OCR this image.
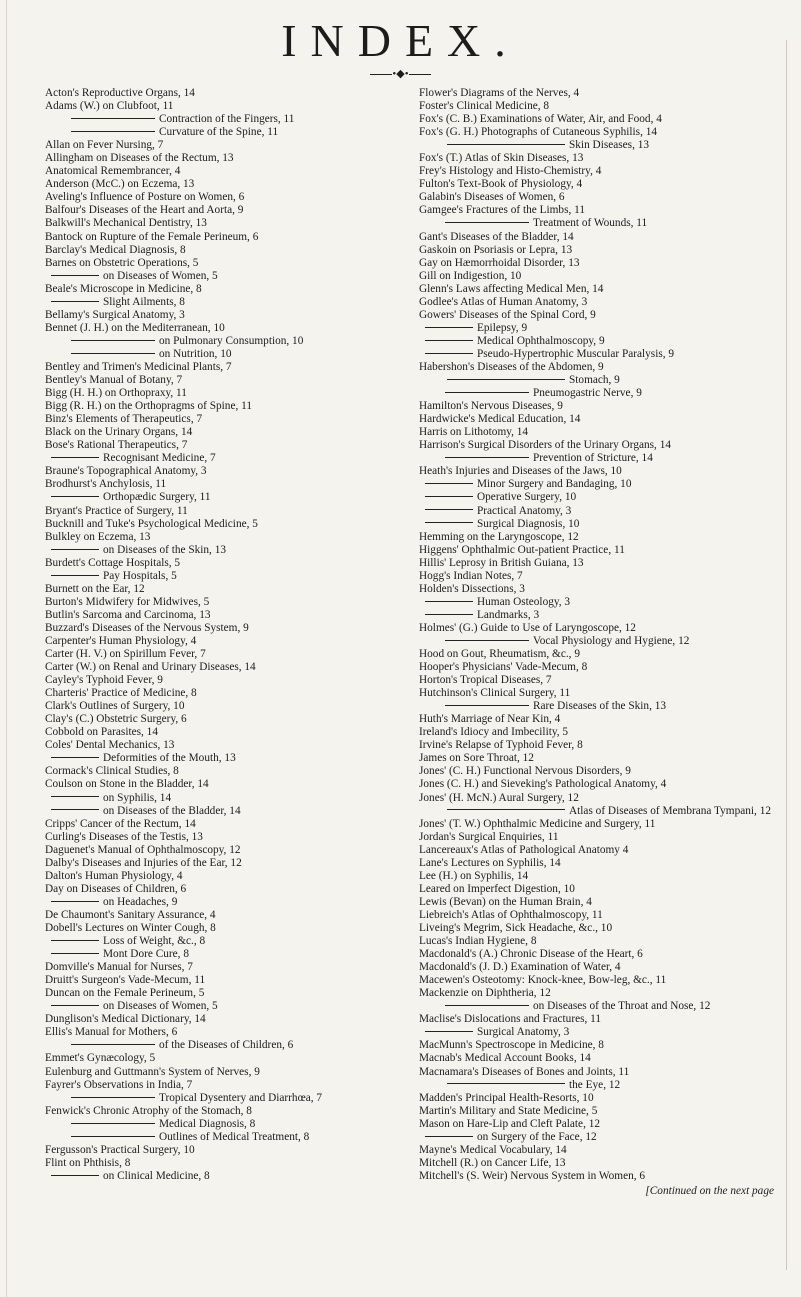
INDEX.
•◆•
Acton's Reproductive Organs, 14
Adams (W.) on Clubfoot, 11
Contraction of the Fingers, 11
Curvature of the Spine, 11
Allan on Fever Nursing, 7
Allingham on Diseases of the Rectum, 13
Anatomical Remembrancer, 4
Anderson (McC.) on Eczema, 13
Aveling's Influence of Posture on Women, 6
Balfour's Diseases of the Heart and Aorta, 9
Balkwill's Mechanical Dentistry, 13
Bantock on Rupture of the Female Perineum, 6
Barclay's Medical Diagnosis, 8
Barnes on Obstetric Operations, 5
on Diseases of Women, 5
Beale's Microscope in Medicine, 8
Slight Ailments, 8
Bellamy's Surgical Anatomy, 3
Bennet (J. H.) on the Mediterranean, 10
on Pulmonary Consumption, 10
on Nutrition, 10
Bentley and Trimen's Medicinal Plants, 7
Bentley's Manual of Botany, 7
Bigg (H. H.) on Orthopraxy, 11
Bigg (R. H.) on the Orthopragms of Spine, 11
Binz's Elements of Therapeutics, 7
Black on the Urinary Organs, 14
Bose's Rational Therapeutics, 7
Recognisant Medicine, 7
Braune's Topographical Anatomy, 3
Brodhurst's Anchylosis, 11
Orthopædic Surgery, 11
Bryant's Practice of Surgery, 11
Bucknill and Tuke's Psychological Medicine, 5
Bulkley on Eczema, 13
on Diseases of the Skin, 13
Burdett's Cottage Hospitals, 5
Pay Hospitals, 5
Burnett on the Ear, 12
Burton's Midwifery for Midwives, 5
Butlin's Sarcoma and Carcinoma, 13
Buzzard's Diseases of the Nervous System, 9
Carpenter's Human Physiology, 4
Carter (H. V.) on Spirillum Fever, 7
Carter (W.) on Renal and Urinary Diseases, 14
Cayley's Typhoid Fever, 9
Charteris' Practice of Medicine, 8
Clark's Outlines of Surgery, 10
Clay's (C.) Obstetric Surgery, 6
Cobbold on Parasites, 14
Coles' Dental Mechanics, 13
Deformities of the Mouth, 13
Cormack's Clinical Studies, 8
Coulson on Stone in the Bladder, 14
on Syphilis, 14
on Diseases of the Bladder, 14
Cripps' Cancer of the Rectum, 14
Curling's Diseases of the Testis, 13
Daguenet's Manual of Ophthalmoscopy, 12
Dalby's Diseases and Injuries of the Ear, 12
Dalton's Human Physiology, 4
Day on Diseases of Children, 6
on Headaches, 9
De Chaumont's Sanitary Assurance, 4
Dobell's Lectures on Winter Cough, 8
Loss of Weight, &c., 8
Mont Dore Cure, 8
Domville's Manual for Nurses, 7
Druitt's Surgeon's Vade-Mecum, 11
Duncan on the Female Perineum, 5
on Diseases of Women, 5
Dunglison's Medical Dictionary, 14
Ellis's Manual for Mothers, 6
of the Diseases of Children, 6
Emmet's Gynæcology, 5
Eulenburg and Guttmann's System of Nerves, 9
Fayrer's Observations in India, 7
Tropical Dysentery and Diarrhœa, 7
Fenwick's Chronic Atrophy of the Stomach, 8
Medical Diagnosis, 8
Outlines of Medical Treatment, 8
Fergusson's Practical Surgery, 10
Flint on Phthisis, 8
on Clinical Medicine, 8
Flower's Diagrams of the Nerves, 4
Foster's Clinical Medicine, 8
Fox's (C. B.) Examinations of Water, Air, and Food, 4
Fox's (G. H.) Photographs of Cutaneous Syphilis, 14
Skin Diseases, 13
Fox's (T.) Atlas of Skin Diseases, 13
Frey's Histology and Histo-Chemistry, 4
Fulton's Text-Book of Physiology, 4
Galabin's Diseases of Women, 6
Gamgee's Fractures of the Limbs, 11
Treatment of Wounds, 11
Gant's Diseases of the Bladder, 14
Gaskoin on Psoriasis or Lepra, 13
Gay on Hæmorrhoidal Disorder, 13
Gill on Indigestion, 10
Glenn's Laws affecting Medical Men, 14
Godlee's Atlas of Human Anatomy, 3
Gowers' Diseases of the Spinal Cord, 9
Epilepsy, 9
Medical Ophthalmoscopy, 9
Pseudo-Hypertrophic Muscular Paralysis, 9
Habershon's Diseases of the Abdomen, 9
Stomach, 9
Pneumogastric Nerve, 9
Hamilton's Nervous Diseases, 9
Hardwicke's Medical Education, 14
Harris on Lithotomy, 14
Harrison's Surgical Disorders of the Urinary Organs, 14
Prevention of Stricture, 14
Heath's Injuries and Diseases of the Jaws, 10
Minor Surgery and Bandaging, 10
Operative Surgery, 10
Practical Anatomy, 3
Surgical Diagnosis, 10
Hemming on the Laryngoscope, 12
Higgens' Ophthalmic Out-patient Practice, 11
Hillis' Leprosy in British Guiana, 13
Hogg's Indian Notes, 7
Holden's Dissections, 3
Human Osteology, 3
Landmarks, 3
Holmes' (G.) Guide to Use of Laryngoscope, 12
Vocal Physiology and Hygiene, 12
Hood on Gout, Rheumatism, &c., 9
Hooper's Physicians' Vade-Mecum, 8
Horton's Tropical Diseases, 7
Hutchinson's Clinical Surgery, 11
Rare Diseases of the Skin, 13
Huth's Marriage of Near Kin, 4
Ireland's Idiocy and Imbecility, 5
Irvine's Relapse of Typhoid Fever, 8
James on Sore Throat, 12
Jones' (C. H.) Functional Nervous Disorders, 9
Jones (C. H.) and Sieveking's Pathological Anatomy, 4
Jones' (H. McN.) Aural Surgery, 12
Atlas of Diseases of Membrana Tympani, 12
Jones' (T. W.) Ophthalmic Medicine and Surgery, 11
Jordan's Surgical Enquiries, 11
Lancereaux's Atlas of Pathological Anatomy 4
Lane's Lectures on Syphilis, 14
Lee (H.) on Syphilis, 14
Leared on Imperfect Digestion, 10
Lewis (Bevan) on the Human Brain, 4
Liebreich's Atlas of Ophthalmoscopy, 11
Liveing's Megrim, Sick Headache, &c., 10
Lucas's Indian Hygiene, 8
Macdonald's (A.) Chronic Disease of the Heart, 6
Macdonald's (J. D.) Examination of Water, 4
Macewen's Osteotomy: Knock-knee, Bow-leg, &c., 11
Mackenzie on Diphtheria, 12
on Diseases of the Throat and Nose, 12
Maclise's Dislocations and Fractures, 11
Surgical Anatomy, 3
MacMunn's Spectroscope in Medicine, 8
Macnab's Medical Account Books, 14
Macnamara's Diseases of Bones and Joints, 11
the Eye, 12
Madden's Principal Health-Resorts, 10
Martin's Military and State Medicine, 5
Mason on Hare-Lip and Cleft Palate, 12
on Surgery of the Face, 12
Mayne's Medical Vocabulary, 14
Mitchell (R.) on Cancer Life, 13
Mitchell's (S. Weir) Nervous System in Women, 6
[Continued on the next page
